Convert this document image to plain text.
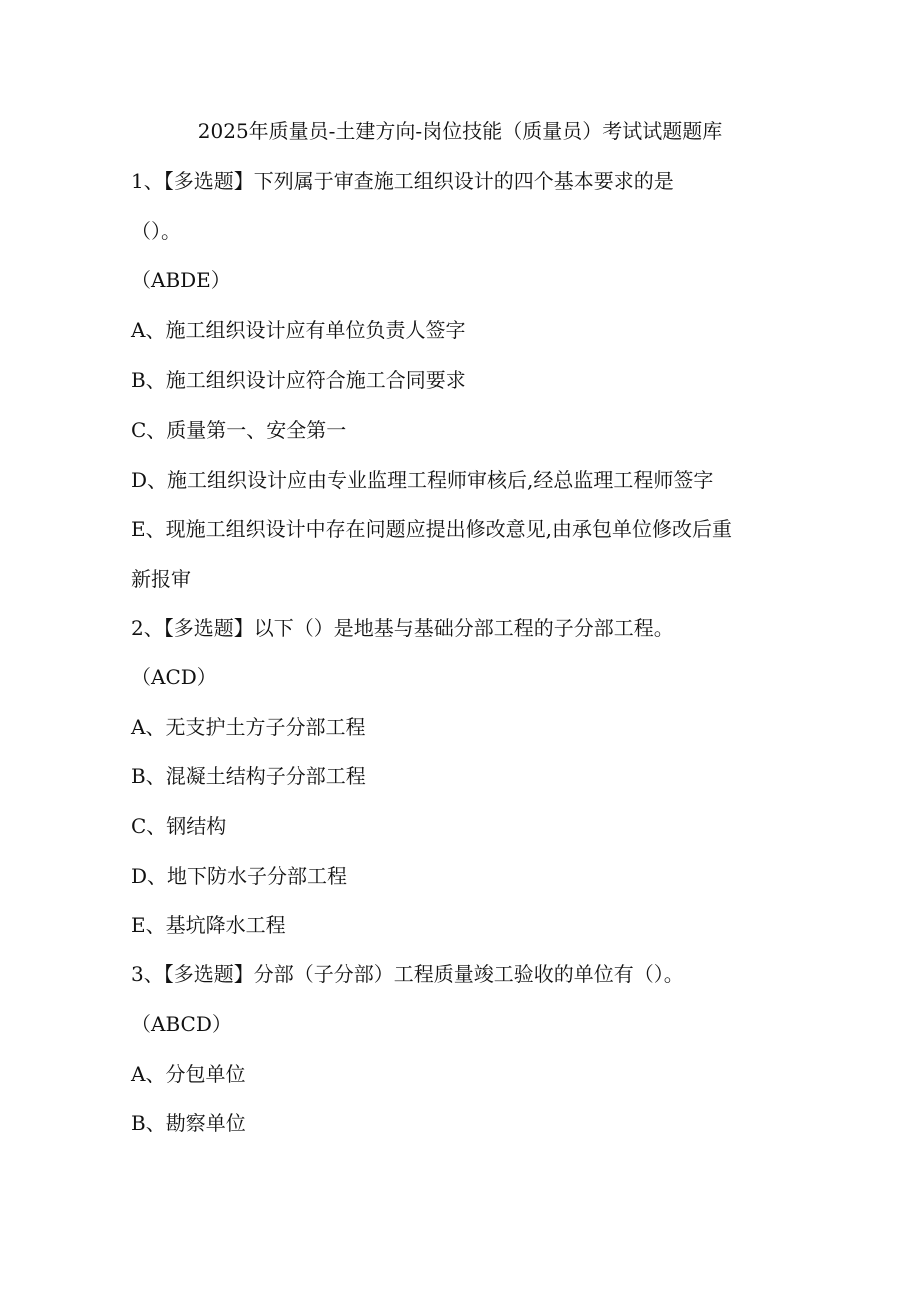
2025年质量员-土建方向-岗位技能（质量员）考试试题题库
1、【多选题】下列属于审查施工组织设计的四个基本要求的是
（）。
（ABDE）
A、施工组织设计应有单位负责人签字
B、施工组织设计应符合施工合同要求
C、质量第一、安全第一
D、施工组织设计应由专业监理工程师审核后,经总监理工程师签字
E、现施工组织设计中存在问题应提出修改意见,由承包单位修改后重
新报审
2、【多选题】以下（）是地基与基础分部工程的子分部工程。
（ACD）
A、无支护土方子分部工程
B、混凝土结构子分部工程
C、钢结构
D、地下防水子分部工程
E、基坑降水工程
3、【多选题】分部（子分部）工程质量竣工验收的单位有（）。
（ABCD）
A、分包单位
B、勘察单位
